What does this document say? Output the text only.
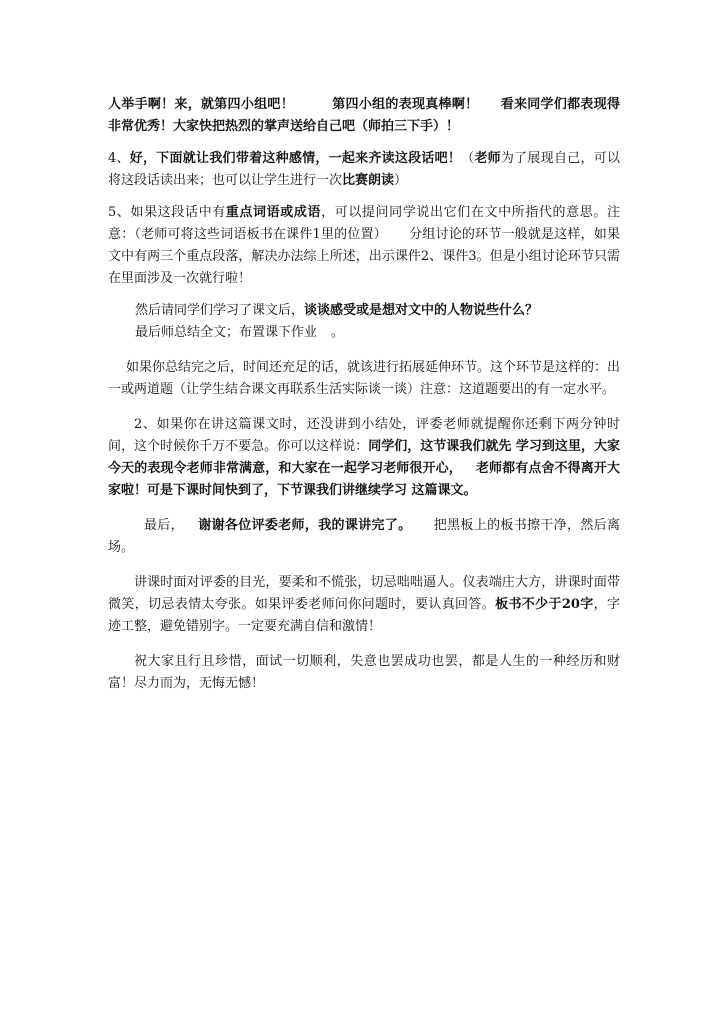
人举手啊！来，就第四小组吧！	第四小组的表现真棒啊！ 看来同学们都表现得非常优秀！大家快把热烈的掌声送给自己吧（师拍三下手）！

4、好，下面就让我们带着这种感情，一起来齐读这段话吧！（老师为了展现自己，可以将这段话读出来；也可以让学生进行一次比赛朗读）

5、如果这段话中有重点词语或成语，可以提问同学说出它们在文中所指代的意思。注意：（老师可将这些词语板书在课件1里的位置） 分组讨论的环节一般就是这样，如果文中有两三个重点段落，解决办法综上所述，出示课件2、课件3。但是小组讨论环节只需在里面涉及一次就行啦！

然后请同学们学习了课文后，谈谈感受或是想对文中的人物说些什么？

最后师总结全文；布置课下作业 。

如果你总结完之后，时间还充足的话，就该进行拓展延伸环节。这个环节是这样的：出一或两道题（让学生结合课文再联系生活实际谈一谈）注意：这道题要出的有一定水平。

2、如果你在讲这篇课文时，还没讲到小结处，评委老师就提醒你还剩下两分钟时间，这个时候你千万不要急。你可以这样说：同学们，这节课我们就先 学习到这里，大家今天的表现令老师非常满意，和大家在一起学习老师很开心， 老师都有点舍不得离开大家啦！可是下课时间快到了，下节课我们讲继续学习 这篇课文。

最后， 谢谢各位评委老师，我的课讲完了。 把黑板上的板书擦干净，然后离场。

讲课时面对评委的目光，要柔和不慌张，切忌咄咄逼人。仪表端庄大方，讲课时面带微笑，切忌表情太夸张。如果评委老师问你问题时，要认真回答。板书不少于20字，字迹工整，避免错别字。一定要充满自信和激情！

祝大家且行且珍惜，面试一切顺利，失意也罢成功也罢，都是人生的一种经历和财富！尽力而为，无悔无憾！
